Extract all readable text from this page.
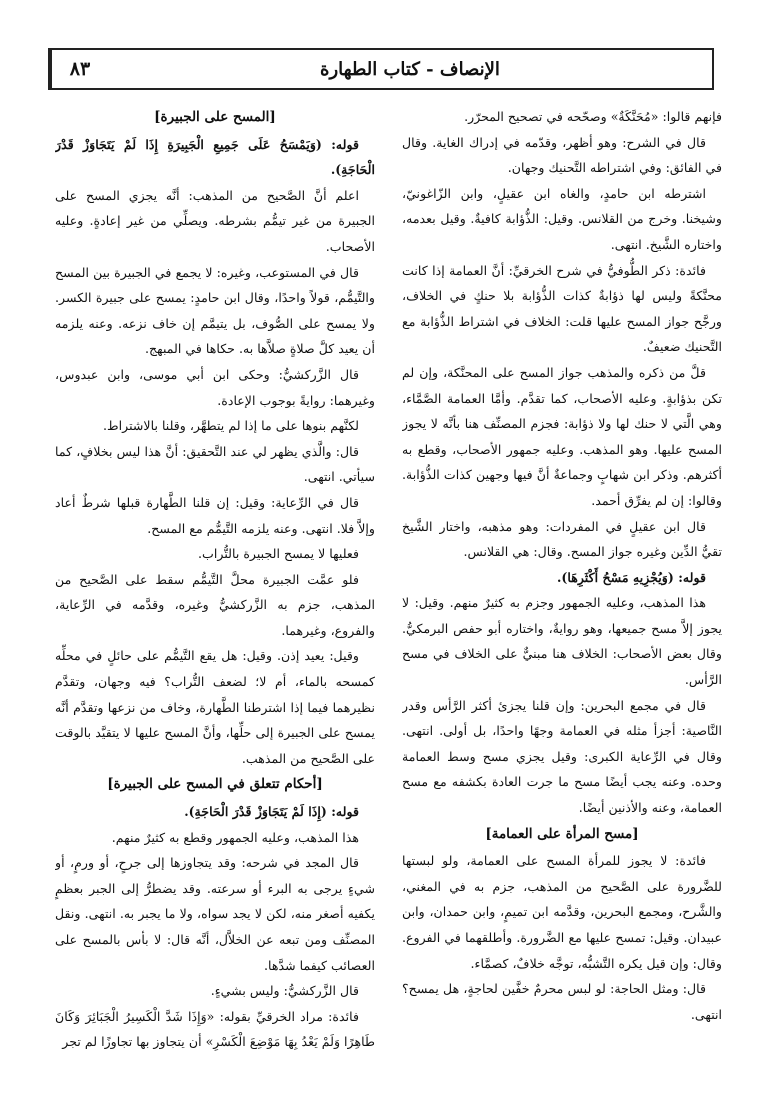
٨٣	الإنصاف - كتاب الطهارة

فإنهم قالوا: «مُحَنَّكَةٌ» وصحّحه في تصحيح المحرّر.

قال في الشرح: وهو أظهر، وقدّمه في إدراك الغاية. وقال في الفائق: وفي اشتراطه التَّحنيك وجهان.

اشترطه ابن حامدٍ، والغاه ابن عقيلٍ، وابن الزّاغونيّ، وشيخنا. وخرج من القلانس. وقيل: الذُّؤابة كافيةٌ. وقيل بعدمه، واختاره الشَّيخ. انتهى.

فائدة: ذكر الطُّوفيُّ في شرح الخرقيِّ: أنَّ العمامة إذا كانت محنَّكةً وليس لها ذؤابةٌ كذات الذُّؤابة بلا حنكٍ في الخلاف، ورجَّح جواز المسح عليها قلت: الخلاف في اشتراط الذُّؤابة مع التَّحنيك ضعيفٌ.

قلَّ من ذكره والمذهب جواز المسح على المحنَّكة، وإن لم تكن بذؤابةٍ. وعليه الأصحاب، كما تقدَّم. وأمَّا العمامة الصَّمَّاء، وهي الَّتي لا حنك لها ولا ذؤابة: فجزم المصنِّف هنا بأنَّه لا يجوز المسح عليها. وهو المذهب. وعليه جمهور الأصحاب، وقطع به أكثرهم. وذكر ابن شهابٍ وجماعةٌ أنَّ فيها وجهين كذات الذُّؤابة. وقالوا: إن لم يفرِّق أحمد.

قال ابن عقيلٍ في المفردات: وهو مذهبه، واختار الشَّيخ تقيُّ الدِّين وغيره جواز المسح. وقال: هي القلانس.

قوله: (وَيُجْزِيهِ مَسْحُ أَكْثَرِهَا).

هذا المذهب، وعليه الجمهور وجزم به كثيرٌ منهم. وقيل: لا يجوز إلاَّ مسح جميعها، وهو روايةٌ، واختاره أبو حفص البرمكيُّ. وقال بعض الأصحاب: الخلاف هنا مبنيٌّ على الخلاف في مسح الرَّأس.

قال في مجمع البحرين: وإن قلنا يجزئ أكثر الرَّأس وقدر النَّاصية: أجزأ مثله في العمامة وجهًا واحدًا، بل أولى. انتهى. وقال في الرِّعاية الكبرى: وقيل يجزي مسح وسط العمامة وحده. وعنه يجب أيضًا مسح ما جرت العادة بكشفه مع مسح العمامة، وعنه والأذنين أيضًا.

[مسح المرأة على العمامة]

فائدة: لا يجوز للمرأة المسح على العمامة، ولو لبستها للضَّرورة على الصَّحيح من المذهب، جزم به في المغني، والشَّرح، ومجمع البحرين، وقدَّمه ابن تميمٍ، وابن حمدان، وابن عبيدان. وقيل: تمسح عليها مع الضَّرورة. وأطلقهما في الفروع. وقال: وإن قيل يكره التَّشبُّه، توجَّه خلافٌ، كصمَّاء.

قال: ومثل الحاجة: لو لبس محرمٌ خفَّين لحاجةٍ، هل يمسح؟ انتهى.

[المسح على الجبيرة]

قوله: (وَيَمْسَحُ عَلَى جَمِيعِ الْجَبِيرَةِ إِذَا لَمْ يَتَجَاوَزْ قَدْرَ الْحَاجَةِ).

اعلم أنَّ الصَّحيح من المذهب: أنَّه يجزي المسح على الجبيرة من غير تيمُّم بشرطه. ويصلِّي من غير إعادةٍ. وعليه الأصحاب.

قال في المستوعب، وغيره: لا يجمع في الجبيرة بين المسح والتَّيمُّم، قولاً واحدًا، وقال ابن حامدٍ: يمسح على جبيرة الكسر. ولا يمسح على الصُّوف، بل يتيمَّم إن خاف نزعه. وعنه يلزمه أن يعيد كلَّ صلاةٍ صلاَّها به. حكاها في المبهج.

قال الزَّركشيُّ: وحكى ابن أبي موسى، وابن عبدوس، وغيرهما: روايةً بوجوب الإعادة.

لكنَّهم بنوها على ما إذا لم يتطهَّر، وقلنا بالاشتراط.

قال: والَّذي يظهر لي عند التَّحقيق: أنَّ هذا ليس بخلافٍ، كما سيأتي. انتهى.

قال في الرِّعاية: وقيل: إن قلنا الطَّهارة قبلها شرطٌ أعاد وإلاَّ فلا. انتهى. وعنه يلزمه التَّيمُّم مع المسح.

فعليها لا يمسح الجبيرة بالتُّراب.

فلو عمَّت الجبيرة محلَّ التَّيمُّم سقط على الصَّحيح من المذهب، جزم به الزَّركشيُّ وغيره، وقدَّمه في الرِّعاية، والفروع، وغيرهما.

وقيل: يعيد إذن. وقيل: هل يقع التَّيمُّم على حائلٍ في محلِّه كمسحه بالماء، أم لا؛ لضعف التُّراب؟ فيه وجهان، وتقدَّم نظيرهما فيما إذا اشترطنا الطَّهارة، وخاف من نزعها وتقدَّم أنَّه يمسح على الجبيرة إلى حلِّها، وأنَّ المسح عليها لا يتقيَّد بالوقت على الصَّحيح من المذهب.

[أحكام تتعلق في المسح على الجبيرة]

قوله: (إِذَا لَمْ يَتَجَاوَزْ قَدْرَ الْحَاجَةِ).

هذا المذهب، وعليه الجمهور وقطع به كثيرٌ منهم.

قال المجد في شرحه: وقد يتجاوزها إلى جرحٍ، أو ورمٍ، أو شيءٍ يرجى به البرء أو سرعته. وقد يضطرُّ إلى الجبر بعظمٍ يكفيه أصغر منه، لكن لا يجد سواه، ولا ما يجبر به. انتهى. ونقل المصنِّف ومن تبعه عن الخلاَّل، أنَّه قال: لا بأس بالمسح على العصائب كيفما شدَّها.

قال الزَّركشيُّ: وليس بشيءٍ.

فائدة: مراد الخرقيِّ بقوله: «وَإِذَا شَدَّ الْكَسِيرُ الْجَبَائِرَ وَكَانَ طَاهِرًا وَلَمْ يَعْدُ بِهَا مَوْضِعَ الْكَسْرِ» أن يتجاوز بها تجاوزًا لم تجر
